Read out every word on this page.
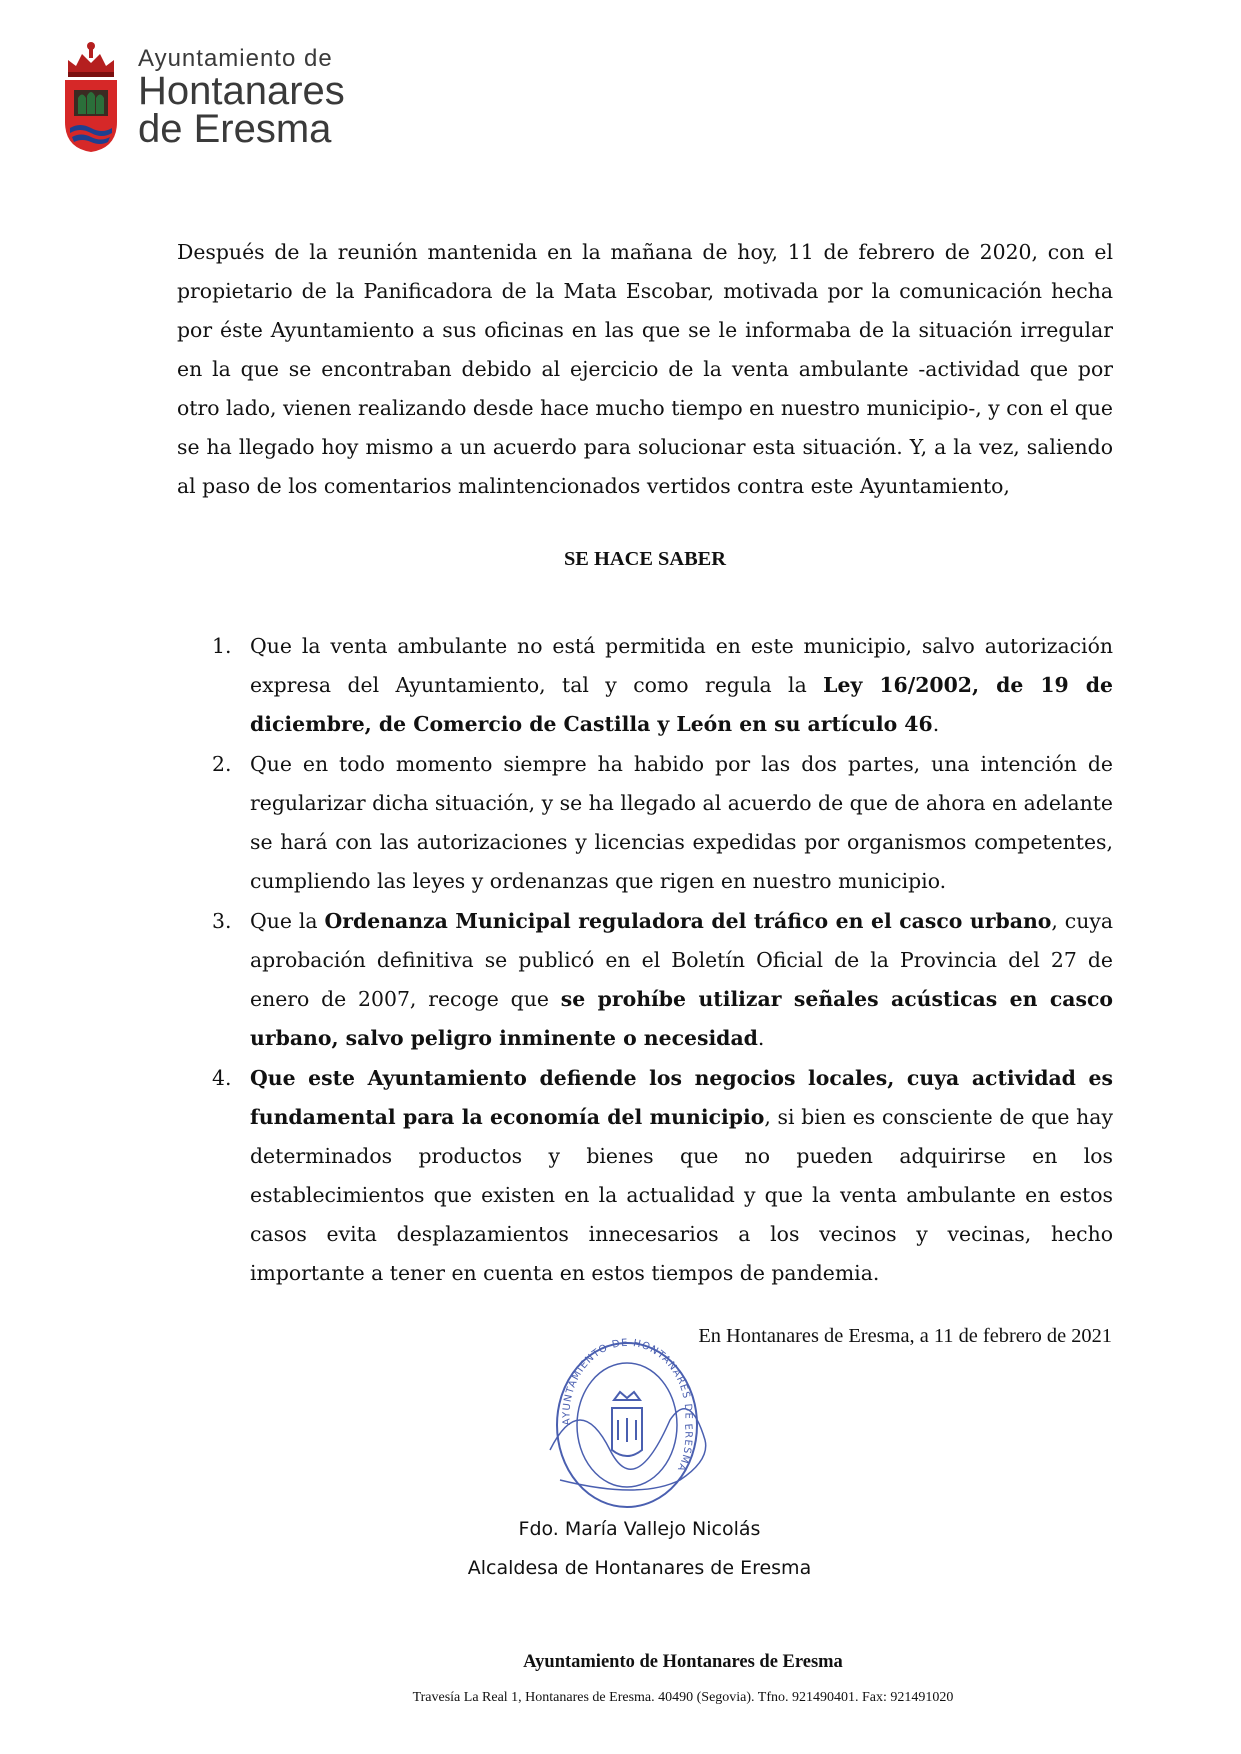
Ayuntamiento de
Hontanares
de Eresma

Después de la reunión mantenida en la mañana de hoy, 11 de febrero de 2020, con el propietario de la Panificadora de la Mata Escobar, motivada por la comunicación hecha por éste Ayuntamiento a sus oficinas en las que se le informaba de la situación irregular en la que se encontraban debido al ejercicio de la venta ambulante -actividad que por otro lado, vienen realizando desde hace mucho tiempo en nuestro municipio-, y con el que se ha llegado hoy mismo a un acuerdo para solucionar esta situación. Y, a la vez, saliendo al paso de los comentarios malintencionados vertidos contra este Ayuntamiento,

SE HACE SABER

1. Que la venta ambulante no está permitida en este municipio, salvo autorización expresa del Ayuntamiento, tal y como regula la Ley 16/2002, de 19 de diciembre, de Comercio de Castilla y León en su artículo 46.

2. Que en todo momento siempre ha habido por las dos partes, una intención de regularizar dicha situación, y se ha llegado al acuerdo de que de ahora en adelante se hará con las autorizaciones y licencias expedidas por organismos competentes, cumpliendo las leyes y ordenanzas que rigen en nuestro municipio.

3. Que la Ordenanza Municipal reguladora del tráfico en el casco urbano, cuya aprobación definitiva se publicó en el Boletín Oficial de la Provincia del 27 de enero de 2007, recoge que se prohíbe utilizar señales acústicas en casco urbano, salvo peligro inminente o necesidad.

4. Que este Ayuntamiento defiende los negocios locales, cuya actividad es fundamental para la economía del municipio, si bien es consciente de que hay determinados productos y bienes que no pueden adquirirse en los establecimientos que existen en la actualidad y que la venta ambulante en estos casos evita desplazamientos innecesarios a los vecinos y vecinas, hecho importante a tener en cuenta en estos tiempos de pandemia.

En Hontanares de Eresma, a 11 de febrero de 2021

AYUNTAMIENTO DE HONTANARES DE ERESMA

Fdo. María Vallejo Nicolás

Alcaldesa de Hontanares de Eresma

Ayuntamiento de Hontanares de Eresma

Travesía La Real 1, Hontanares de Eresma. 40490 (Segovia). Tfno. 921490401. Fax: 921491020
